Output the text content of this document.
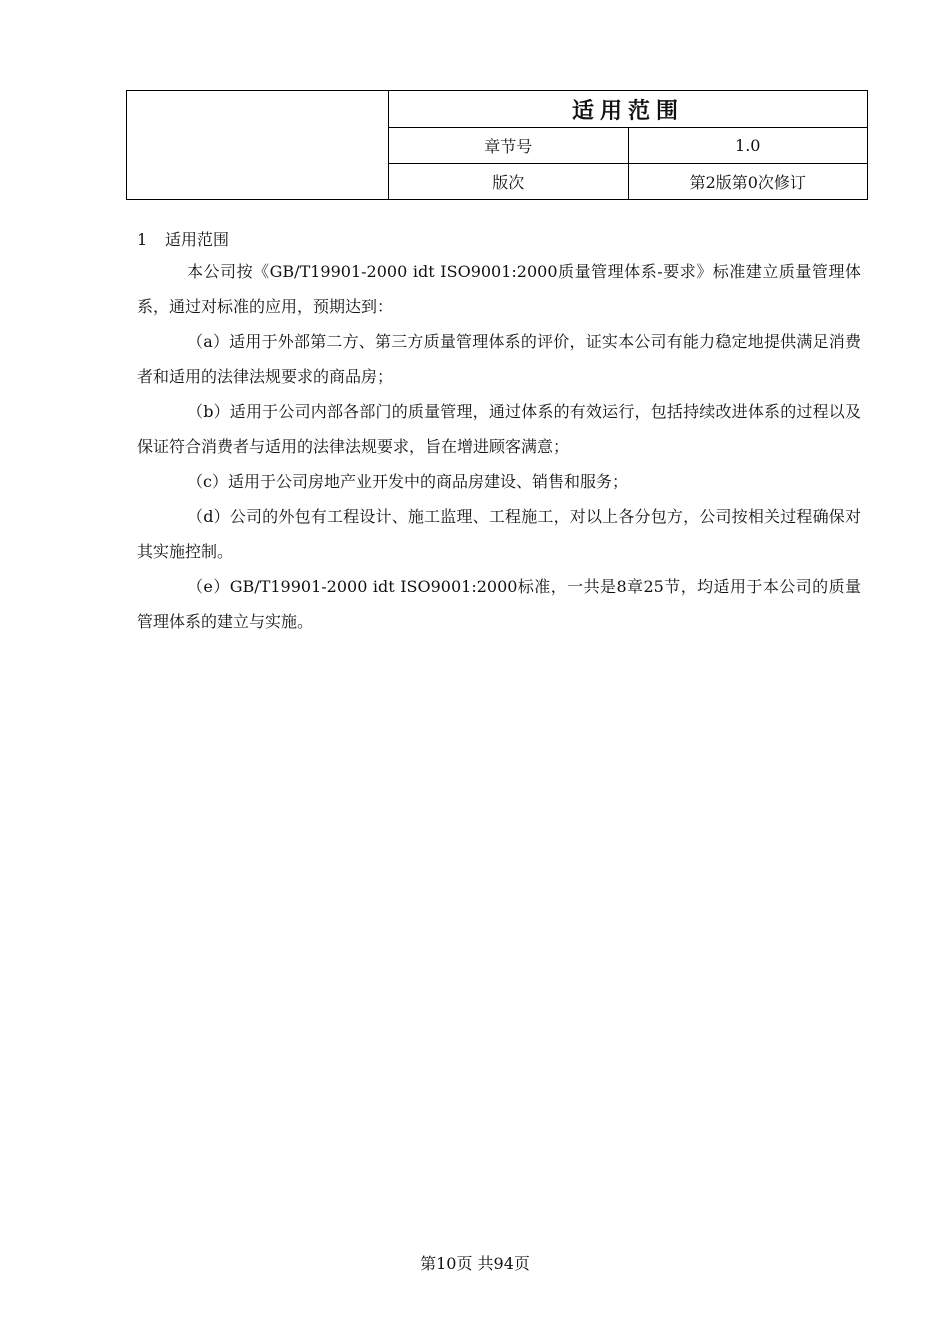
	适用范围	
	章节号	1.0
	版次	第2版第0次修订

1 适用范围

本公司按《GB/T19901-2000 idt ISO9001:2000质量管理体系-要求》标准建立质量管理体系，通过对标准的应用，预期达到：

（a）适用于外部第二方、第三方质量管理体系的评价，证实本公司有能力稳定地提供满足消费者和适用的法律法规要求的商品房；

（b）适用于公司内部各部门的质量管理，通过体系的有效运行，包括持续改进体系的过程以及保证符合消费者与适用的法律法规要求，旨在增进顾客满意；

（c）适用于公司房地产业开发中的商品房建设、销售和服务；

（d）公司的外包有工程设计、施工监理、工程施工，对以上各分包方，公司按相关过程确保对其实施控制。

（e）GB/T19901-2000 idt ISO9001:2000标准，一共是8章25节，均适用于本公司的质量管理体系的建立与实施。

第10页 共94页
